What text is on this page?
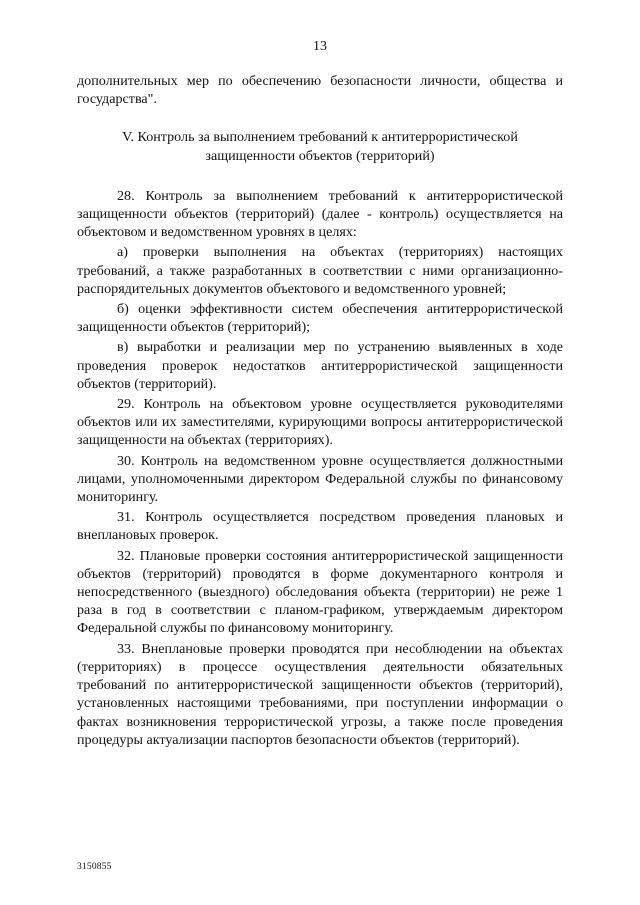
13

дополнительных мер по обеспечению безопасности личности, общества и государства".

V. Контроль за выполнением требований к антитеррористической
защищенности объектов (территорий)

28. Контроль за выполнением требований к антитеррористической защищенности объектов (территорий) (далее - контроль) осуществляется на объектовом и ведомственном уровнях в целях:

а) проверки выполнения на объектах (территориях) настоящих требований, а также разработанных в соответствии с ними организационно-распорядительных документов объектового и ведомственного уровней;

б) оценки эффективности систем обеспечения антитеррористической защищенности объектов (территорий);

в) выработки и реализации мер по устранению выявленных в ходе проведения проверок недостатков антитеррористической защищенности объектов (территорий).

29. Контроль на объектовом уровне осуществляется руководителями объектов или их заместителями, курирующими вопросы антитеррористической защищенности на объектах (территориях).

30. Контроль на ведомственном уровне осуществляется должностными лицами, уполномоченными директором Федеральной службы по финансовому мониторингу.

31. Контроль осуществляется посредством проведения плановых и внеплановых проверок.

32. Плановые проверки состояния антитеррористической защищенности объектов (территорий) проводятся в форме документарного контроля и непосредственного (выездного) обследования объекта (территории) не реже 1 раза в год в соответствии с планом-графиком, утверждаемым директором Федеральной службы по финансовому мониторингу.

33. Внеплановые проверки проводятся при несоблюдении на объектах (территориях) в процессе осуществления деятельности обязательных требований по антитеррористической защищенности объектов (территорий), установленных настоящими требованиями, при поступлении информации о фактах возникновения террористической угрозы, а также после проведения процедуры актуализации паспортов безопасности объектов (территорий).

3150855
